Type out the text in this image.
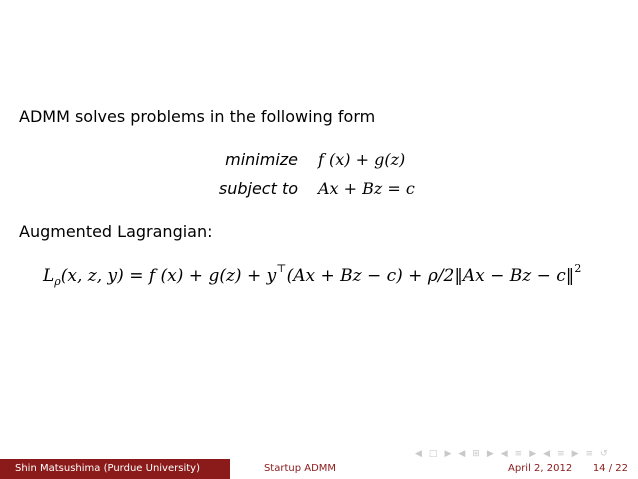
ADMM solves problems in the following form
minimize f (x) + g(z)
subject to Ax + Bz = c
Augmented Lagrangian:
$L_\rho(x$, z, y) = f (x) + g(z) + y⊤(Ax + Bz − c) + ρ/2‖Ax − Bz − c‖$^2$
◀ □ ▶ ◀ ⊞ ▶ ◀ ≡ ▶ ◀ ≡ ▶ ≡ ↺
Shin Matsushima (Purdue University)	Startup ADMM	April 2, 2012 14 / 22
